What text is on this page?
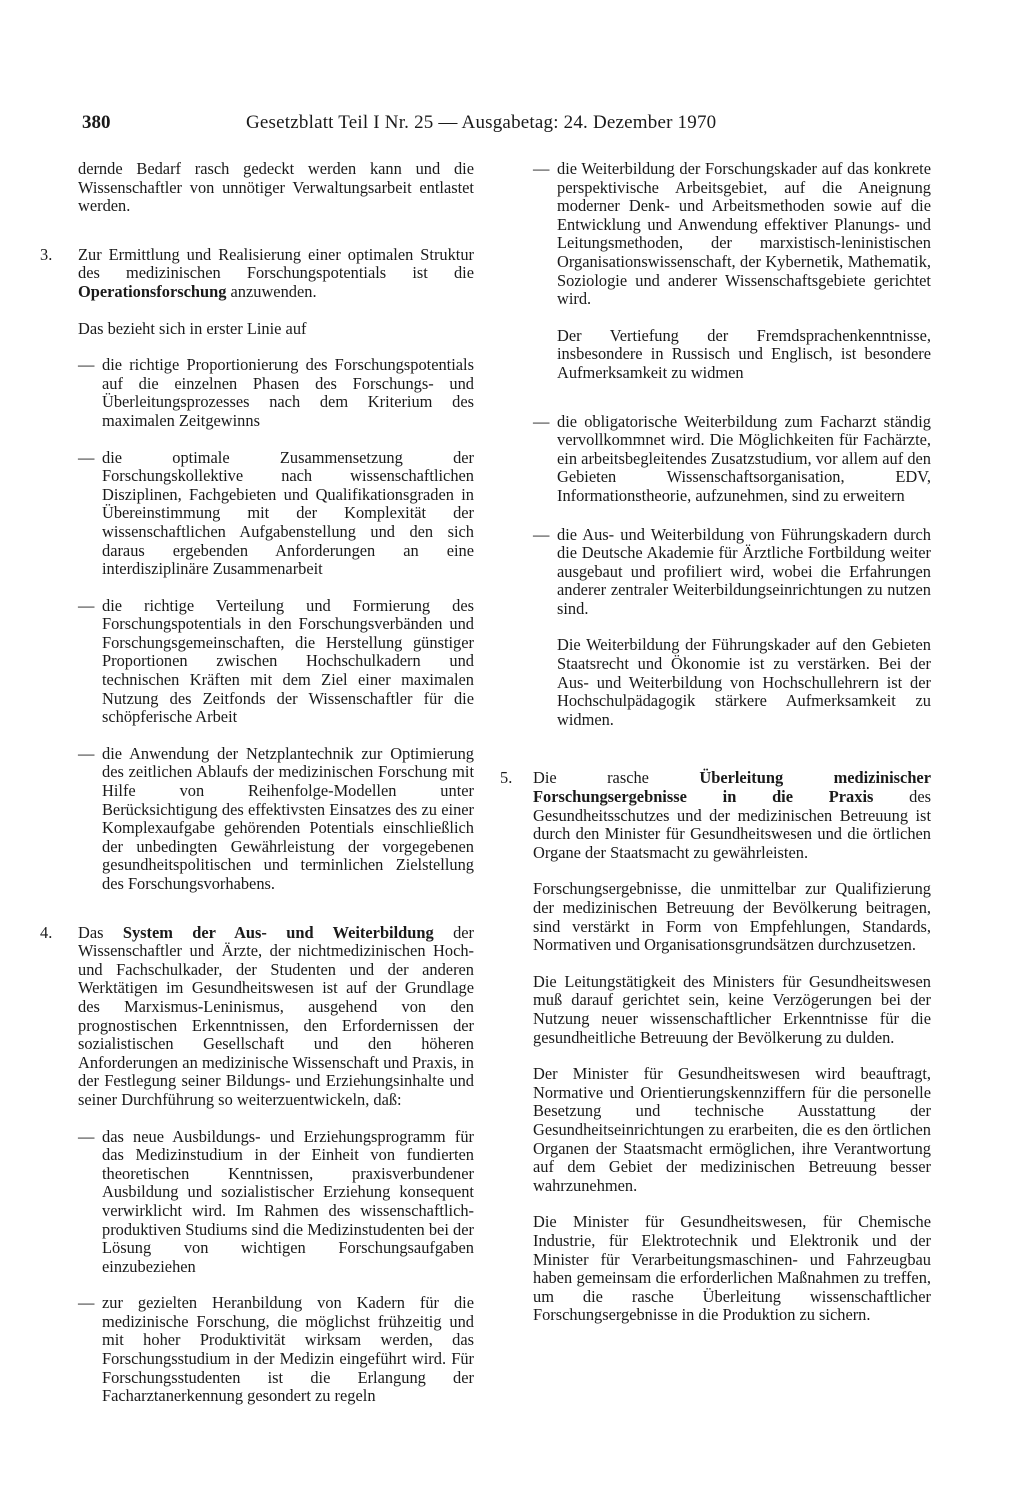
380	Gesetzblatt Teil I Nr. 25 — Ausgabetag: 24. Dezember 1970

dernde Bedarf rasch gedeckt werden kann und die Wissenschaftler von unnötiger Verwaltungsarbeit entlastet werden.

3. Zur Ermittlung und Realisierung einer optimalen Struktur des medizinischen Forschungspotentials ist die Operationsforschung anzuwenden.

Das bezieht sich in erster Linie auf

— die richtige Proportionierung des Forschungspotentials auf die einzelnen Phasen des Forschungs- und Überleitungsprozesses nach dem Kriterium des maximalen Zeitgewinns

— die optimale Zusammensetzung der Forschungskollektive nach wissenschaftlichen Disziplinen, Fachgebieten und Qualifikationsgraden in Übereinstimmung mit der Komplexität der wissenschaftlichen Aufgabenstellung und den sich daraus ergebenden Anforderungen an eine interdisziplinäre Zusammenarbeit

— die richtige Verteilung und Formierung des Forschungspotentials in den Forschungsverbänden und Forschungsgemeinschaften, die Herstellung günstiger Proportionen zwischen Hochschulkadern und technischen Kräften mit dem Ziel einer maximalen Nutzung des Zeitfonds der Wissenschaftler für die schöpferische Arbeit

— die Anwendung der Netzplantechnik zur Optimierung des zeitlichen Ablaufs der medizinischen Forschung mit Hilfe von Reihenfolge-Modellen unter Berücksichtigung des effektivsten Einsatzes des zu einer Komplexaufgabe gehörenden Potentials einschließlich der unbedingten Gewährleistung der vorgegebenen gesundheitspolitischen und terminlichen Zielstellung des Forschungsvorhabens.

4. Das System der Aus- und Weiterbildung der Wissenschaftler und Ärzte, der nichtmedizinischen Hoch- und Fachschulkader, der Studenten und der anderen Werktätigen im Gesundheitswesen ist auf der Grundlage des Marxismus-Leninismus, ausgehend von den prognostischen Erkenntnissen, den Erfordernissen der sozialistischen Gesellschaft und den höheren Anforderungen an medizinische Wissenschaft und Praxis, in der Festlegung seiner Bildungs- und Erziehungsinhalte und seiner Durchführung so weiterzuentwickeln, daß:

— das neue Ausbildungs- und Erziehungsprogramm für das Medizinstudium in der Einheit von fundierten theoretischen Kenntnissen, praxisverbundener Ausbildung und sozialistischer Erziehung konsequent verwirklicht wird. Im Rahmen des wissenschaftlich-produktiven Studiums sind die Medizinstudenten bei der Lösung von wichtigen Forschungsaufgaben einzubeziehen

— zur gezielten Heranbildung von Kadern für die medizinische Forschung, die möglichst frühzeitig und mit hoher Produktivität wirksam werden, das Forschungsstudium in der Medizin eingeführt wird. Für Forschungsstudenten ist die Erlangung der Facharztanerkennung gesondert zu regeln

— die Weiterbildung der Forschungskader auf das konkrete perspektivische Arbeitsgebiet, auf die Aneignung moderner Denk- und Arbeitsmethoden sowie auf die Entwicklung und Anwendung effektiver Planungs- und Leitungsmethoden, der marxistisch-leninistischen Organisationswissenschaft, der Kybernetik, Mathematik, Soziologie und anderer Wissenschaftsgebiete gerichtet wird.

Der Vertiefung der Fremdsprachenkenntnisse, insbesondere in Russisch und Englisch, ist besondere Aufmerksamkeit zu widmen

— die obligatorische Weiterbildung zum Facharzt ständig vervollkommnet wird. Die Möglichkeiten für Fachärzte, ein arbeitsbegleitendes Zusatzstudium, vor allem auf den Gebieten Wissenschaftsorganisation, EDV, Informationstheorie, aufzunehmen, sind zu erweitern

— die Aus- und Weiterbildung von Führungskadern durch die Deutsche Akademie für Ärztliche Fortbildung weiter ausgebaut und profiliert wird, wobei die Erfahrungen anderer zentraler Weiterbildungseinrichtungen zu nutzen sind.

Die Weiterbildung der Führungskader auf den Gebieten Staatsrecht und Ökonomie ist zu verstärken. Bei der Aus- und Weiterbildung von Hochschullehrern ist der Hochschulpädagogik stärkere Aufmerksamkeit zu widmen.

5. Die rasche Überleitung medizinischer Forschungsergebnisse in die Praxis des Gesundheitsschutzes und der medizinischen Betreuung ist durch den Minister für Gesundheitswesen und die örtlichen Organe der Staatsmacht zu gewährleisten.

Forschungsergebnisse, die unmittelbar zur Qualifizierung der medizinischen Betreuung der Bevölkerung beitragen, sind verstärkt in Form von Empfehlungen, Standards, Normativen und Organisationsgrundsätzen durchzusetzen.

Die Leitungstätigkeit des Ministers für Gesundheitswesen muß darauf gerichtet sein, keine Verzögerungen bei der Nutzung neuer wissenschaftlicher Erkenntnisse für die gesundheitliche Betreuung der Bevölkerung zu dulden.

Der Minister für Gesundheitswesen wird beauftragt, Normative und Orientierungskennziffern für die personelle Besetzung und technische Ausstattung der Gesundheitseinrichtungen zu erarbeiten, die es den örtlichen Organen der Staatsmacht ermöglichen, ihre Verantwortung auf dem Gebiet der medizinischen Betreuung besser wahrzunehmen.

Die Minister für Gesundheitswesen, für Chemische Industrie, für Elektrotechnik und Elektronik und der Minister für Verarbeitungsmaschinen- und Fahrzeugbau haben gemeinsam die erforderlichen Maßnahmen zu treffen, um die rasche Überleitung wissenschaftlicher Forschungsergebnisse in die Produktion zu sichern.
